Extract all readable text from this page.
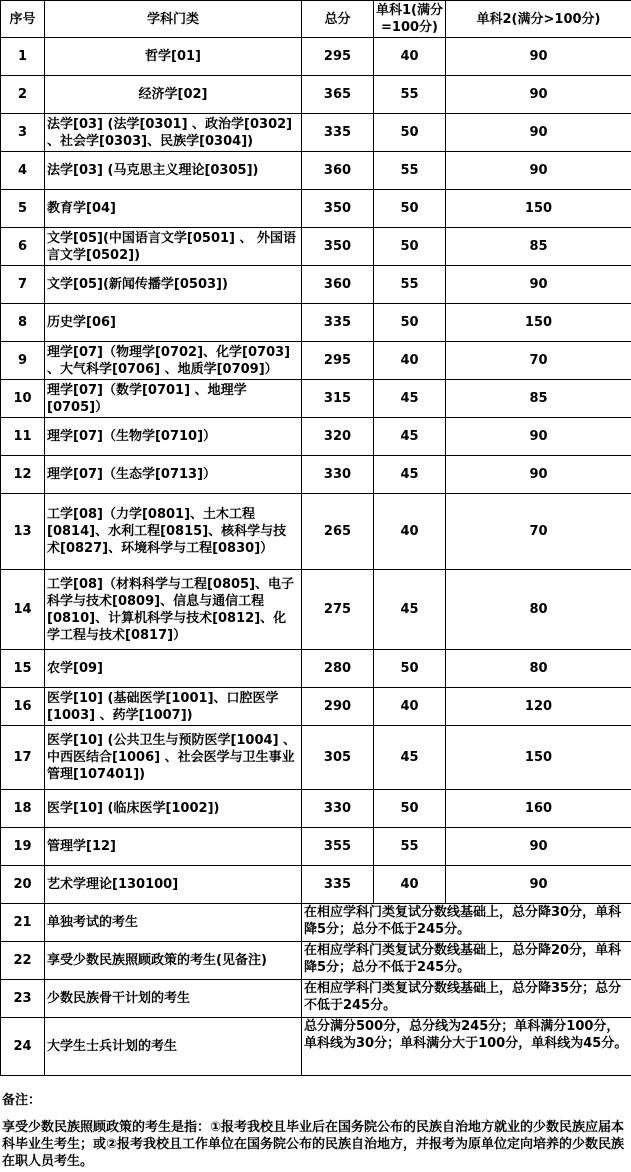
序号	学科门类	总分	单科1(满分=100分)	单科2(满分>100分)
1	哲学[01]	295	40	90
2	经济学[02]	365	55	90
3	法学[03] (法学[0301] 、政治学[0302] 、社会学[0303]、民族学[0304])	335	50	90
4	法学[03] (马克思主义理论[0305])	360	55	90
5	教育学[04]	350	50	150
6	文学[05](中国语言文学[0501] 、 外国语言文学[0502])	350	50	85
7	文学[05](新闻传播学[0503])	360	55	90
8	历史学[06]	335	50	150
9	理学[07]（物理学[0702]、化学[0703] 、大气科学[0706] 、地质学[0709]）	295	40	70
10	理学[07]（数学[0701] 、地理学[0705]）	315	45	85
11	理学[07]（生物学[0710]）	320	45	90
12	理学[07]（生态学[0713]）	330	45	90
13	工学[08]（力学[0801]、土木工程[0814]、水利工程[0815]、核科学与技术[0827]、环境科学与工程[0830]）	265	40	70
14	工学[08]（材料科学与工程[0805]、电子科学与技术[0809]、信息与通信工程[0810]、计算机科学与技术[0812]、化学工程与技术[0817]）	275	45	80
15	农学[09]	280	50	80
16	医学[10] (基础医学[1001]、口腔医学[1003] 、药学[1007])	290	40	120
17	医学[10] (公共卫生与预防医学[1004] 、中西医结合[1006] 、社会医学与卫生事业管理[107401])	305	45	150
18	医学[10] (临床医学[1002])	330	50	160
19	管理学[12]	355	55	90
20	艺术学理论[130100]	335	40	90
21	单独考试的考生	在相应学科门类复试分数线基础上，总分降30分，单科降5分；总分不低于245分。		
22	享受少数民族照顾政策的考生(见备注)	在相应学科门类复试分数线基础上，总分降20分，单科降5分；总分不低于245分。		
23	少数民族骨干计划的考生	在相应学科门类复试分数线基础上，总分降35分；总分不低于245分。		
24	大学生士兵计划的考生	总分满分500分，总分线为245分；单科满分100分，单科线为30分；单科满分大于100分，单科线为45分。		
备注：
享受少数民族照顾政策的考生是指：①报考我校且毕业后在国务院公布的民族自治地方就业的少数民族应届本科毕业生考生；或②报考我校且工作单位在国务院公布的民族自治地方，并报考为原单位定向培养的少数民族在职人员考生。
